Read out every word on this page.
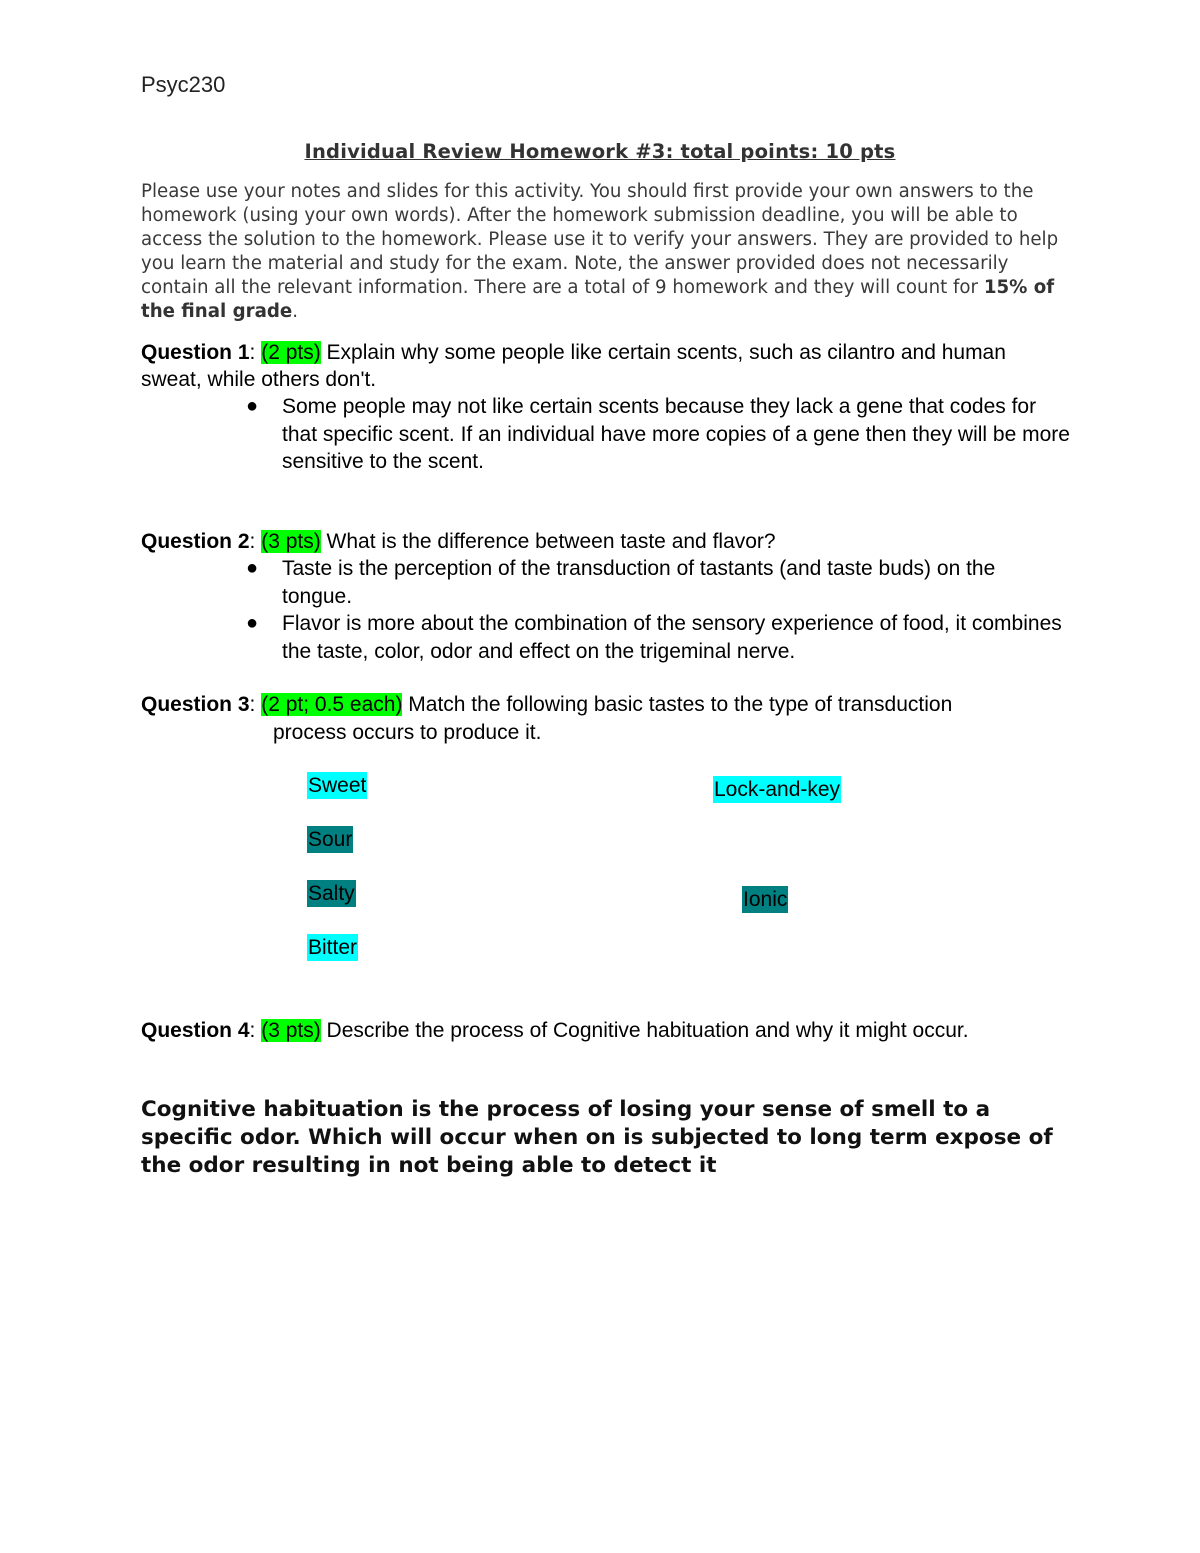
Psyc230
Individual Review Homework #3: total points: 10 pts
Please use your notes and slides for this activity. You should first provide your own answers to the homework (using your own words). After the homework submission deadline, you will be able to access the solution to the homework. Please use it to verify your answers. They are provided to help you learn the material and study for the exam. Note, the answer provided does not necessarily contain all the relevant information. There are a total of 9 homework and they will count for 15% of the final grade.
Question 1: (2 pts) Explain why some people like certain scents, such as cilantro and human sweat, while others don't.
● Some people may not like certain scents because they lack a gene that codes for that specific scent. If an individual have more copies of a gene then they will be more sensitive to the scent.
Question 2: (3 pts) What is the difference between taste and flavor?
● Taste is the perception of the transduction of tastants (and taste buds) on the tongue.
● Flavor is more about the combination of the sensory experience of food, it combines the taste, color, odor and effect on the trigeminal nerve.
Question 3: (2 pt; 0.5 each) Match the following basic tastes to the type of transduction
process occurs to produce it.
Sweet
Sour
Salty
Bitter
Lock-and-key
Ionic
Question 4: (3 pts) Describe the process of Cognitive habituation and why it might occur.
Cognitive habituation is the process of losing your sense of smell to a specific odor. Which will occur when on is subjected to long term expose of the odor resulting in not being able to detect it
